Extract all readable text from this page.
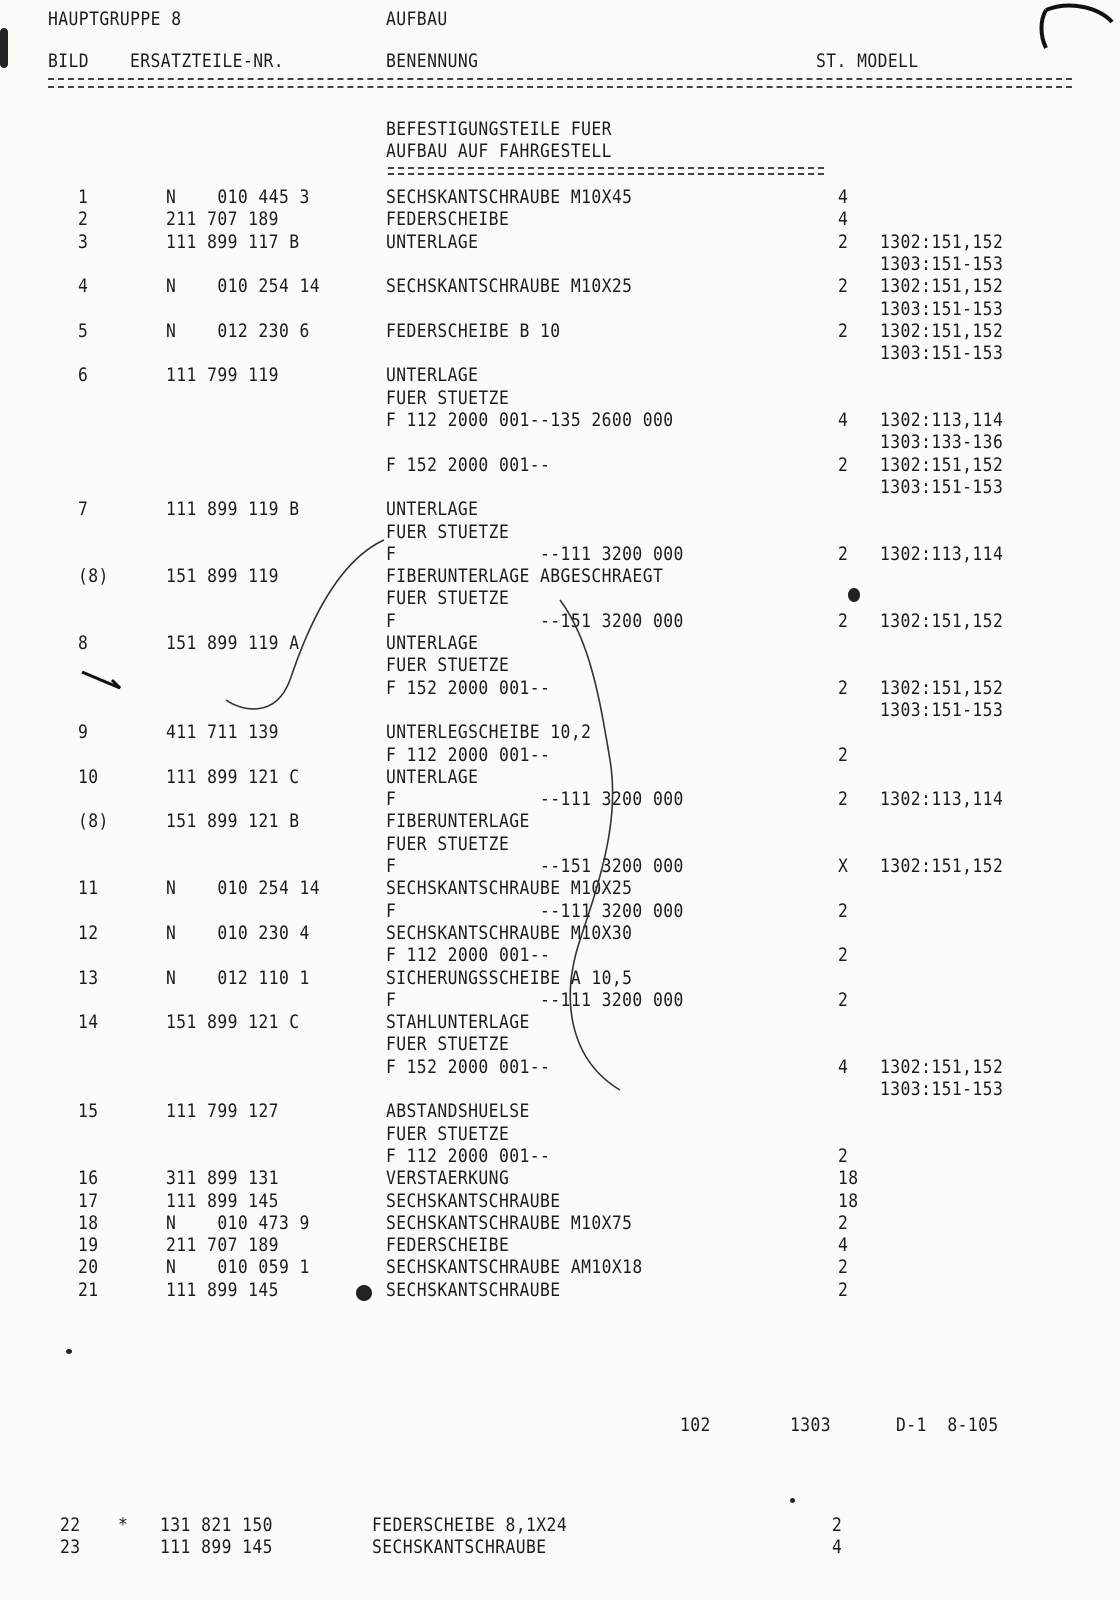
HAUPTGRUPPE 8	AUFBAU
BILD ERSATZTEILE-NR.	BENENNUNG	ST. MODELL
BEFESTIGUNGSTEILE FUER
AUFBAU AUF FAHRGESTELL
1	N    010 445 3	SECHSKANTSCHRAUBE M10X45	4
2	211 707 189	FEDERSCHEIBE	4
3	111 899 117 B	UNTERLAGE	2 1302:151,152
1303:151-153
4	N    010 254 14	SECHSKANTSCHRAUBE M10X25	2 1302:151,152
1303:151-153
5	N    012 230 6	FEDERSCHEIBE B 10	2 1302:151,152
1303:151-153
6	111 799 119	UNTERLAGE
FUER STUETZE
F 112 2000 001--135 2600 000	4 1302:113,114
1303:133-136
F 152 2000 001--	2 1302:151,152
1303:151-153
7	111 899 119 B	UNTERLAGE
FUER STUETZE
F              --111 3200 000	2 1302:113,114
(8)	151 899 119	FIBERUNTERLAGE ABGESCHRAEGT
FUER STUETZE
F              --151 3200 000	2 1302:151,152
8	151 899 119 A	UNTERLAGE
FUER STUETZE
F 152 2000 001--	2 1302:151,152
1303:151-153
9	411 711 139	UNTERLEGSCHEIBE 10,2
F 112 2000 001--	2
10	111 899 121 C	UNTERLAGE
F              --111 3200 000	2 1302:113,114
(8)	151 899 121 B	FIBERUNTERLAGE
FUER STUETZE
F              --151 3200 000	X 1302:151,152
11	N    010 254 14	SECHSKANTSCHRAUBE M10X25
F              --111 3200 000	2
12	N    010 230 4	SECHSKANTSCHRAUBE M10X30
F 112 2000 001--	2
13	N    012 110 1	SICHERUNGSSCHEIBE A 10,5
F              --111 3200 000	2
14	151 899 121 C	STAHLUNTERLAGE
FUER STUETZE
F 152 2000 001--	4 1302:151,152
1303:151-153
15	111 799 127	ABSTANDSHUELSE
FUER STUETZE
F 112 2000 001--	2
16	311 899 131	VERSTAERKUNG	18
17	111 899 145	SECHSKANTSCHRAUBE	18
18	N    010 473 9	SECHSKANTSCHRAUBE M10X75	2
19	211 707 189	FEDERSCHEIBE	4
20	N    010 059 1	SECHSKANTSCHRAUBE AM10X18	2
21	111 899 145	SECHSKANTSCHRAUBE	2
102	1303	D-1  8-105
22 * 131 821 150	FEDERSCHEIBE 8,1X24	2
23	111 899 145	SECHSKANTSCHRAUBE	4
